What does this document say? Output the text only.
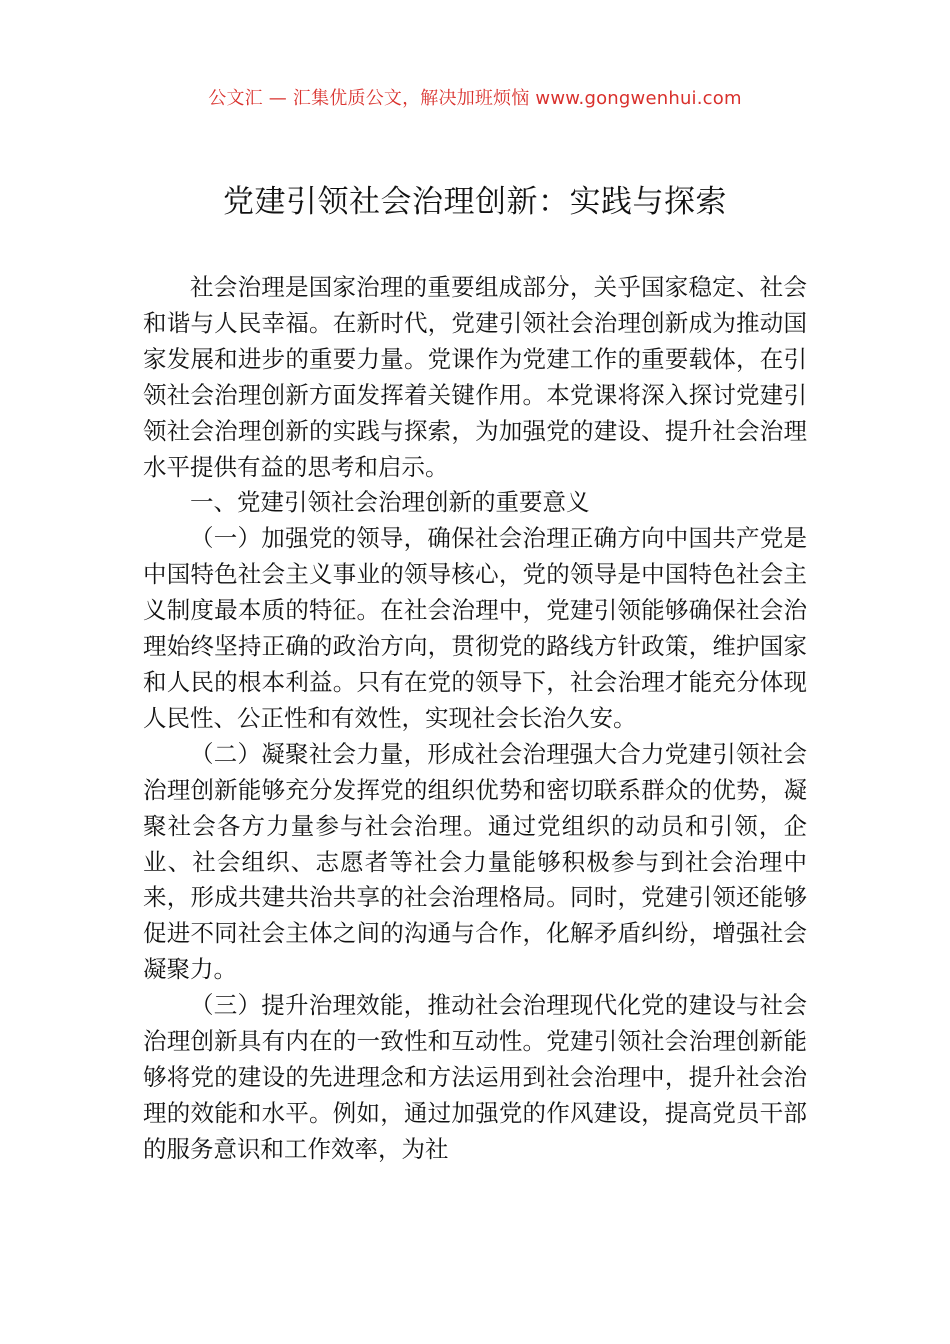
公文汇 — 汇集优质公文，解决加班烦恼 www.gongwenhui.com
党建引领社会治理创新：实践与探索

社会治理是国家治理的重要组成部分，关乎国家稳定、社会和谐与人民幸福。在新时代，党建引领社会治理创新成为推动国家发展和进步的重要力量。党课作为党建工作的重要载体，在引领社会治理创新方面发挥着关键作用。本党课将深入探讨党建引领社会治理创新的实践与探索，为加强党的建设、提升社会治理水平提供有益的思考和启示。

一、党建引领社会治理创新的重要意义

（一）加强党的领导，确保社会治理正确方向中国共产党是中国特色社会主义事业的领导核心，党的领导是中国特色社会主义制度最本质的特征。在社会治理中，党建引领能够确保社会治理始终坚持正确的政治方向，贯彻党的路线方针政策，维护国家和人民的根本利益。只有在党的领导下，社会治理才能充分体现人民性、公正性和有效性，实现社会长治久安。

（二）凝聚社会力量，形成社会治理强大合力党建引领社会治理创新能够充分发挥党的组织优势和密切联系群众的优势，凝聚社会各方力量参与社会治理。通过党组织的动员和引领，企业、社会组织、志愿者等社会力量能够积极参与到社会治理中来，形成共建共治共享的社会治理格局。同时，党建引领还能够促进不同社会主体之间的沟通与合作，化解矛盾纠纷，增强社会凝聚力。

（三）提升治理效能，推动社会治理现代化党的建设与社会治理创新具有内在的一致性和互动性。党建引领社会治理创新能够将党的建设的先进理念和方法运用到社会治理中，提升社会治理的效能和水平。例如，通过加强党的作风建设，提高党员干部的服务意识和工作效率，为社
